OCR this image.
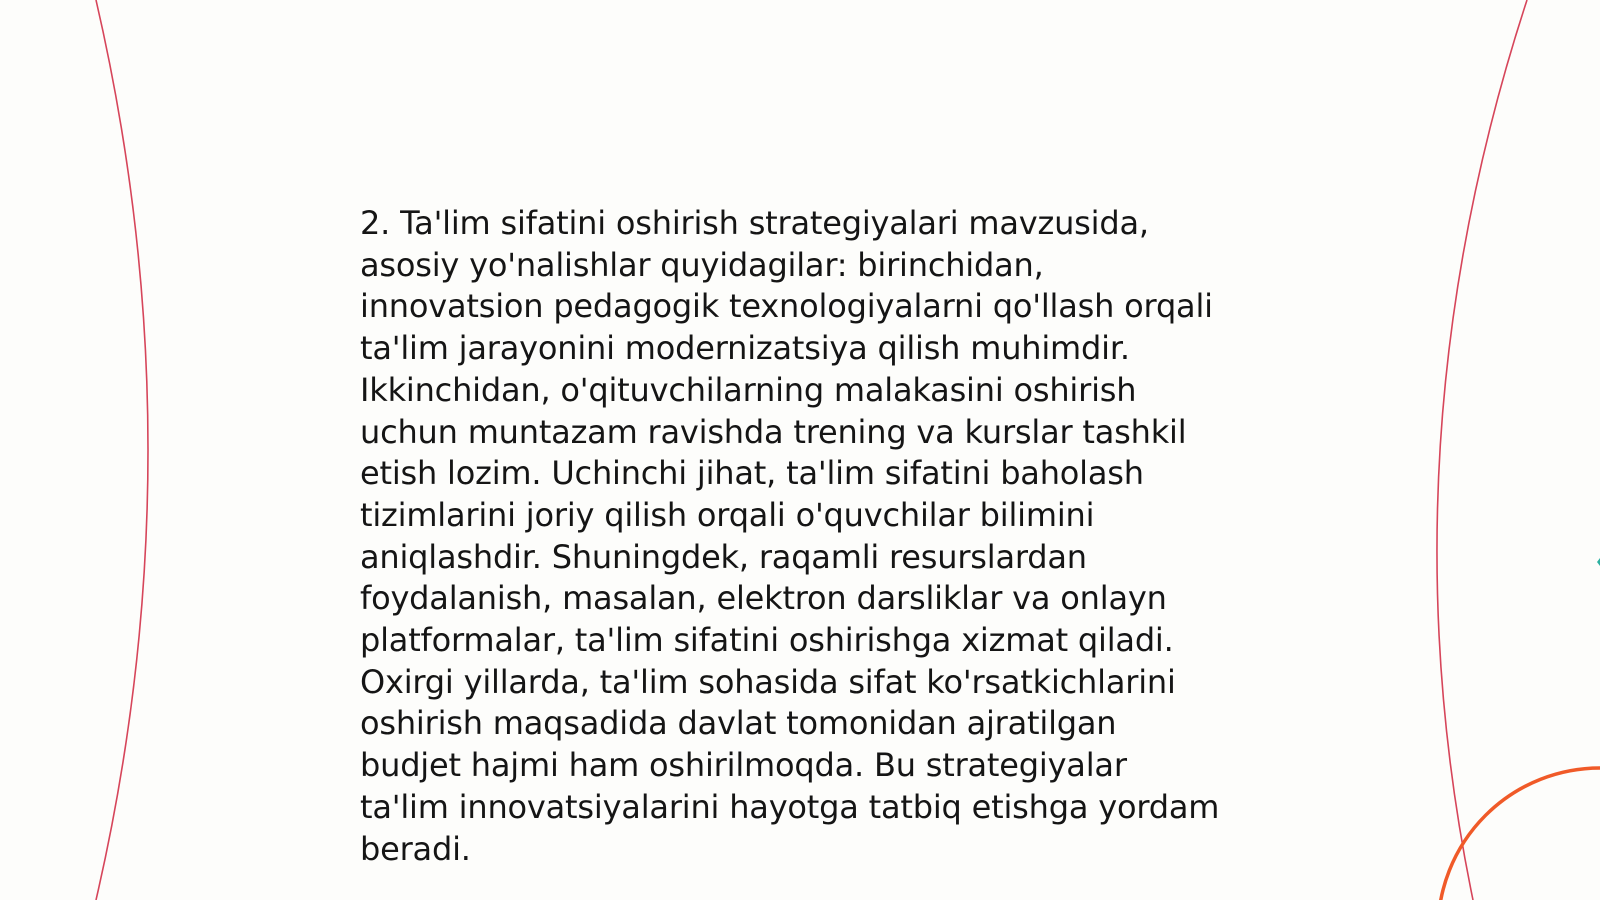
2. Ta'lim sifatini oshirish strategiyalari mavzusida,
asosiy yo'nalishlar quyidagilar: birinchidan,
innovatsion pedagogik texnologiyalarni qo'llash orqali
ta'lim jarayonini modernizatsiya qilish muhimdir.
Ikkinchidan, o'qituvchilarning malakasini oshirish
uchun muntazam ravishda trening va kurslar tashkil
etish lozim. Uchinchi jihat, ta'lim sifatini baholash
tizimlarini joriy qilish orqali o'quvchilar bilimini
aniqlashdir. Shuningdek, raqamli resurslardan
foydalanish, masalan, elektron darsliklar va onlayn
platformalar, ta'lim sifatini oshirishga xizmat qiladi.
Oxirgi yillarda, ta'lim sohasida sifat ko'rsatkichlarini
oshirish maqsadida davlat tomonidan ajratilgan
budjet hajmi ham oshirilmoqda. Bu strategiyalar
ta'lim innovatsiyalarini hayotga tatbiq etishga yordam
beradi.
